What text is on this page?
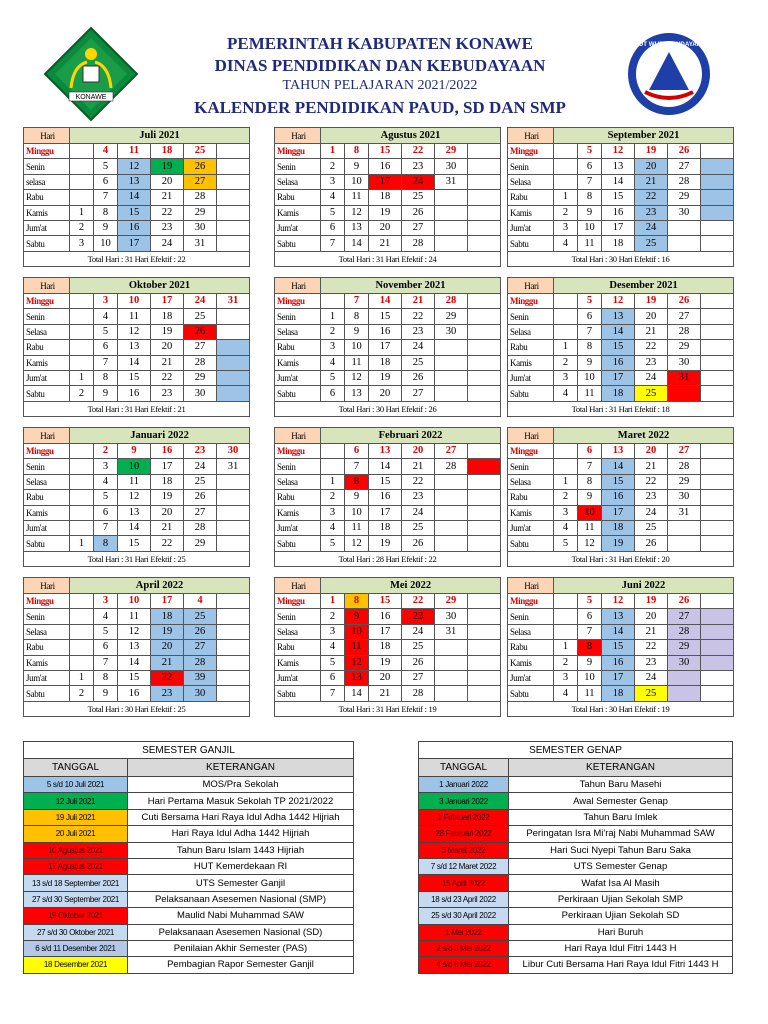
KONAWE
TUT WURI HANDAYANI
PEMERINTAH KABUPATEN KONAWE
DINAS PENDIDIKAN DAN KEBUDAYAAN
TAHUN PELAJARAN 2021/2022
KALENDER PENDIDIKAN PAUD, SD DAN SMP
Hari	Juli 2021					
Minggu		4	11	18	25	
Senin		5	12	19	26	
selasa		6	13	20	27	
Rabu		7	14	21	28	
Kamis	1	8	15	22	29	
Jum'at	2	9	16	23	30	
Sabtu	3	10	17	24	31	
Total Hari : 31 Hari Efektif : 22						
Hari	Agustus 2021					
Minggu	1	8	15	22	29	
Senin	2	9	16	23	30	
Selasa	3	10	17	24	31	
Rabu	4	11	18	25		
Kamis	5	12	19	26		
Jum'at	6	13	20	27		
Sabtu	7	14	21	28		
Total Hari : 31 Hari Efektif : 24						
Hari	September 2021					
Minggu		5	12	19	26	
Senin		6	13	20	27	
Selasa		7	14	21	28	
Rabu	1	8	15	22	29	
Kamis	2	9	16	23	30	
Jum'at	3	10	17	24		
Sabtu	4	11	18	25		
Total Hari : 30 Hari Efektif : 16						
Hari	Oktober 2021					
Minggu		3	10	17	24	31
Senin		4	11	18	25	
Selasa		5	12	19	26	
Rabu		6	13	20	27	
Kamis		7	14	21	28	
Jum'at	1	8	15	22	29	
Sabtu	2	9	16	23	30	
Total Hari : 31 Hari Efektif : 21						
Hari	November 2021					
Minggu		7	14	21	28	
Senin	1	8	15	22	29	
Selasa	2	9	16	23	30	
Rabu	3	10	17	24		
Kamis	4	11	18	25		
Jum'at	5	12	19	26		
Sabtu	6	13	20	27		
Total Hari : 30 Hari Efektif : 26						
Hari	Desember 2021					
Minggu		5	12	19	26	
Senin		6	13	20	27	
Selasa		7	14	21	28	
Rabu	1	8	15	22	29	
Kamis	2	9	16	23	30	
Jum'at	3	10	17	24	31	
Sabtu	4	11	18	25		
Total Hari : 31 Hari Efektif : 18						
Hari	Januari 2022					
Minggu		2	9	16	23	30
Senin		3	10	17	24	31
Selasa		4	11	18	25	
Rabu		5	12	19	26	
Kamis		6	13	20	27	
Jum'at		7	14	21	28	
Sabtu	1	8	15	22	29	
Total Hari : 31 Hari Efektif : 25						
Hari	Februari 2022					
Minggu		6	13	20	27	
Senin		7	14	21	28	
Selasa	1	8	15	22		
Rabu	2	9	16	23		
Kamis	3	10	17	24		
Jum'at	4	11	18	25		
Sabtu	5	12	19	26		
Total Hari : 28 Hari Efektif : 22						
Hari	Maret 2022					
Minggu		6	13	20	27	
Senin		7	14	21	28	
Selasa	1	8	15	22	29	
Rabu	2	9	16	23	30	
Kamis	3	10	17	24	31	
Jum'at	4	11	18	25		
Sabtu	5	12	19	26		
Total Hari : 31 Hari Efektif : 20						
Hari	April 2022					
Minggu		3	10	17	4	
Senin		4	11	18	25	
Selasa		5	12	19	26	
Rabu		6	13	20	27	
Kamis		7	14	21	28	
Jum'at	1	8	15	22	39	
Sabtu	2	9	16	23	30	
Total Hari : 30 Hari Efektif : 25						
Hari	Mei 2022					
Minggu	1	8	15	22	29	
Senin	2	9	16	23	30	
Selasa	3	10	17	24	31	
Rabu	4	11	18	25		
Kamis	5	12	19	26		
Jum'at	6	13	20	27		
Sabtu	7	14	21	28		
Total Hari : 31 Hari Efektif : 19						
Hari	Juni 2022					
Minggu		5	12	19	26	
Senin		6	13	20	27	
Selasa		7	14	21	28	
Rabu	1	8	15	22	29	
Kamis	2	9	16	23	30	
Jum'at	3	10	17	24		
Sabtu	4	11	18	25		
Total Hari : 30 Hari Efektif : 19						
SEMESTER GANJIL	
TANGGAL	KETERANGAN
5 s/d 10 Juli 2021	MOS/Pra Sekolah
12 Juli 2021	Hari Pertama Masuk Sekolah TP 2021/2022
19 Juli 2021	Cuti Bersama Hari Raya Idul Adha 1442 Hijriah
20 Juli 2021	Hari Raya Idul Adha 1442 Hijriah
10 Agustus 2021	Tahun Baru Islam 1443 Hijriah
17 Agustus 2021	HUT Kemerdekaan RI
13 s/d 18 September 2021	UTS Semester Ganjil
27 s/d 30 September 2021	Pelaksanaan Asesemen Nasional (SMP)
19 Oktober 2021	Maulid Nabi Muhammad SAW
27 s/d 30 Oktober 2021	Pelaksanaan Asesemen Nasional (SD)
6 s/d 11 Desember 2021	Penilaian Akhir Semester (PAS)
18 Desember 2021	Pembagian Rapor Semester Ganjil
SEMESTER GENAP	
TANGGAL	KETERANGAN
1 Januari 2022	Tahun Baru Masehi
3 Januari 2022	Awal Semester Genap
1 Februari 2022	Tahun Baru Imlek
28 Februari 2022	Peringatan Isra Mi'raj Nabi Muhammad SAW
3 Maret 2022	Hari Suci Nyepi Tahun Baru Saka
7 s/d 12 Maret 2022	UTS Semester Genap
15 April 2022	Wafat Isa Al Masih
18 s/d 23 April 2022	Perkiraan Ujian Sekolah SMP
25 s/d 30 April 2022	Perkiraan Ujian Sekolah SD
1 Mei 2022	Hari Buruh
2 s/d 3 Mei 2022	Hari Raya Idul Fitri 1443 H
4 s/d 6 Mei 2022	Libur Cuti Bersama Hari Raya Idul Fitri 1443 H
